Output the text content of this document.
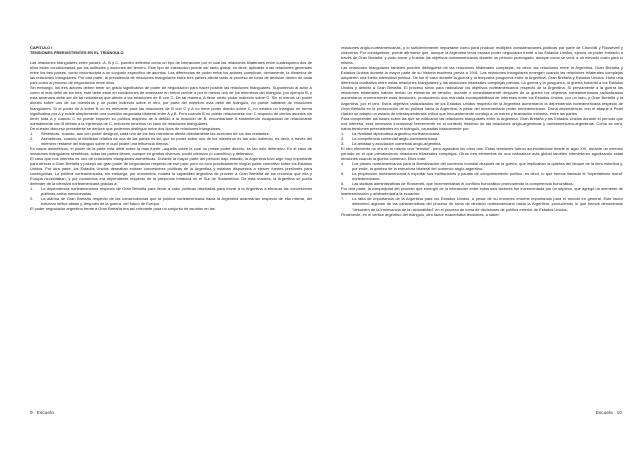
CAPITULO I

TENSIONES PREEXISTENTES EN EL TRIÁNGULO

Las relaciones triangulares entre países -A, B y C- pueden definirse como un tipo de interacción por el cual las relaciones bilaterales entre cualesquiera dos de ellos están condicionadas por las actitudes y acciones del tercero. Este tipo de interacción puede ser tanto global, es decir, aplicable a las relaciones generales entre los tres países, como circunscripta a un conjunto específico de asuntos. Las diferencias de poder entre los actores complican, obviamente, la dinámica de las relaciones triangulares. Por otra parte, la prevalencia de relaciones triangulares entre tres países afecta tanto al proceso de toma de decisión dentro de cada país como al proceso de negociación entre ellos.

Sin embargo, los tres actores deben tener un grado significativo de poder de negociación para hacer posible las relaciones triangulares. Suponiendo al actor A como al más débil de los tres, éste debe estar en condiciones de amenazar en forma creíble a por lo menos uno de los miembros del triángulo, por ejemplo B, y esta amenaza debe ser de tal naturaleza que afecte a las relaciones de B con C. De tal manera, A tiene cierto poder indirecto sobre C. Sin el menos un poder directo sobre uno de los miembros y un poder indirecto sobre el otro, por parte del miembro más débil del triángulo, no puede hablarse de relaciones triangulares. Si el poder de A sobre B no es relevante para las relaciones de B con C y A no tiene poder directo sobre C, no existirá un triángulo en forma significativa por A y existe simplemente una cuestión negociada bilateral entre A y B. Pero cuando B no puede relacionarse con C respecto de ciertos asuntos sin tener toda A y cuando C no puede imponer su política respecto de A debido a la reacción de B, encontraríase A sosteniendo incapacidad de relacionarse normalmente con B debido a la injerencia de C, entonces tenemos un caso de relaciones triangulares.

De nuestro discurso precedente se deduce que podemos distinguir entre dos tipos de relaciones triangulares:

1.	Simétricas, cuando, aun con poder desigual, cada uno de los tres miembros afecta directamente las acciones de los dos restantes.
2.	Asimétricas, cuando la debilidad relativa de una de las partes es tal, que su poder sobre uno de los miembros es tan sólo indirecto, es decir, a través del miembro restante del triángulo sobre el cual posee una influencia directa.

En casos asimétricos, el poder de la parte más débil sobre la más fuerte –aquella sobre la cual no posee poder directo- es tan sólo defensivo. En el caso de relaciones triangulares simétricas, todas las partes tienen, aunque en grados diversos, poder ofensivo (o coercitivo) y defensivo.

El caso que nos interesa es uno de relaciones triangulares asimétricas. Durante la mayor parte del período bajo estudio, la Argentina tuvo algo muy importante para ofrecer a Gran Bretaña y poseyó así gran poder de negociación respecto de ese país, pero no tuvo prácticamente ningún poder coercitivo sobre los Estados Unidos. Por otra parte, los Estados Unidos deseaban extraer concesiones políticas de la Argentina y estaban dispuestos a ejercer fuertes presiones para conseguirlas. La política norteamericana, sin embargo, por momentos, notaba la capacidad argentina de proveer a Gran Bretaña de los recursos que ella y Europa necesitaban, y por momentos era dependiente respecto de la presencia británica en el Sur de Sudamérica. De esta manera, la Argentina se podía defender de la ofensiva norteamericana gracias a:

1.	La dependencia norteamericana respecto de Gran Bretaña para llevar a cabo políticas diseñadas para forzar a la Argentina a efectuar las concesiones políticas arriba mencionadas.
2.	La alarma de Gran Bretaña respecto de las consecuencias que la política norteamericana hacia la Argentina acarrearían respecto de ella misma, del esfuerzo bélico aliado y, después de la guerra, del futuro de Europa.

El poder negociador argentino frente a Gran Bretaña era así relevante para un conjunto de asuntos en las

relaciones anglo-norteamericanas, y lo suficientemente importante como para producir múltiples consideraciones políticas por parte de Churchill y Roosevelt y viceversa. Por consiguiente, puede afirmarse que, aunque la Argentina tenía escaso poder negociador frente a los Estados Unidos, ejercía un poder indirecto a través de Gran Bretaña, y pudo torcer y frustrar los objetivos norteamericanos durante un período prolongado, aunque como se verá, a un elevado costo para sí misma.

Las relaciones triangulares también pueden distinguirse de las relaciones trilaterales complejas, es decir, las relaciones entre la Argentina, Gran Bretaña y Estados Unidos durante la mayor parte de su historia moderna previa a 1941. Las relaciones triangulares emergen cuando las relaciones trilaterales complejas adquieren una fuerte intensidad política. Tal fue el caso durante la guerra y la temprana posguerra entre la Argentina, Gran Bretaña y Estados Unidos. Hubo una diferencia cualitativa entre estas relaciones triangulares y las relaciones trilaterales complejas previas. La guerra y la posguerra, la guerra fomentó a los Estados Unidos y debilitó a Gran Bretaña. El proceso sirvió para radicalizar los objetivos norteamericanos respecto de la Argentina. Si previamente a la guerra las relaciones trilaterales habían tenido un elemento de tensión, durante e inmediatamente después de la guerra los objetivos norteamericanos radicalizados aumentaron enormemente esas tensiones, produciendo una marcada incompatibilidad de intereses entre los Estados Unidos, por un lado, y Gran Bretaña y la Argentina, por el otro. Estos objetivos radicalizados de los Estados Unidos respecto de la Argentina aumentaron la dependencia norteamericana respecto de Gran Bretaña en la prosecución de su política hacia la Argentina, a pesar del incrementado poder norteamericano. Dicha dependencia, con el ataque a Pearl Harbor se adaptó un estado de interdependencia crítica que frecuentemente condujo a un estrés y frustración extrema, entre las partes.

Para comprender las bases sobre las que se edificaron las relaciones triangulares entre la Argentina, Gran Bretaña y los Estados Unidos durante el período que nos interesa, será necesario incursionar brevemente en el contexto histórico de las relaciones anglo-argentinas y norteamericano-argentinas. Como se verá, había tensiones preexistentes en el triángulo, causadas básicamente por:

1.	La rivalidad diplomática argentino-norteamericana.
2.	La competencia comercial anglo-norteamericana.
3.	La amistad y asociación comercial anglo-argentina.

El otro elemento no era en sí mismo una "tensión", pero agravaba los otros dos. Estas tensiones fueron acumulándose desde el siglo XIX, durante un extenso período en el que prevalecieron relaciones trilaterales complejas. Otros tres elementos de una naturaleza más global también intervinieron agudizando estas tensiones cuando la guerra comenzó. Ellos eran:

4.	Los planes norteamericanos para la liberalización del comercio mundial después de la guerra, que implicaban la quiebra del bloque de la libra esterlina y, por ende, la quiebra de la estructura bilateral del comercio anglo-argentino.
5.	La propensión norteamericana a exportar sus instituciones y pautas de comportamiento político, es decir, lo que hemos llamado el "imperialismo moral" norteamericano.
6.	Las tácticas administrativas de Roosevelt, que incrementaban el conflicto burocrático promoviendo la competencia burocrática.

Por otra parte, la complejidad del proceso que emergió de la interacción entre estos seis factores fue incrementada por un séptimo, que agregó un elemento de indeterminación y arbitrariedad a la ecuación:

7.	La falta de importancia de la Argentina para los Estados Unidos, a pesar de su enormes enorme importancia para el mundo en general. Este factor determinó algunas de las características del proceso de toma de decisión norteamericano hacia la Argentina, produciendo lo que hemos denominado "desorden de la irrelevancia de la racionalidad" en el proceso de toma de decisiones de política exterior de Estados Unidos.

Finalmente, en el vértice argentino del triángulo, otro factor exacerbaba tensiones, a saber:

9 Escuela	Escuela 10
